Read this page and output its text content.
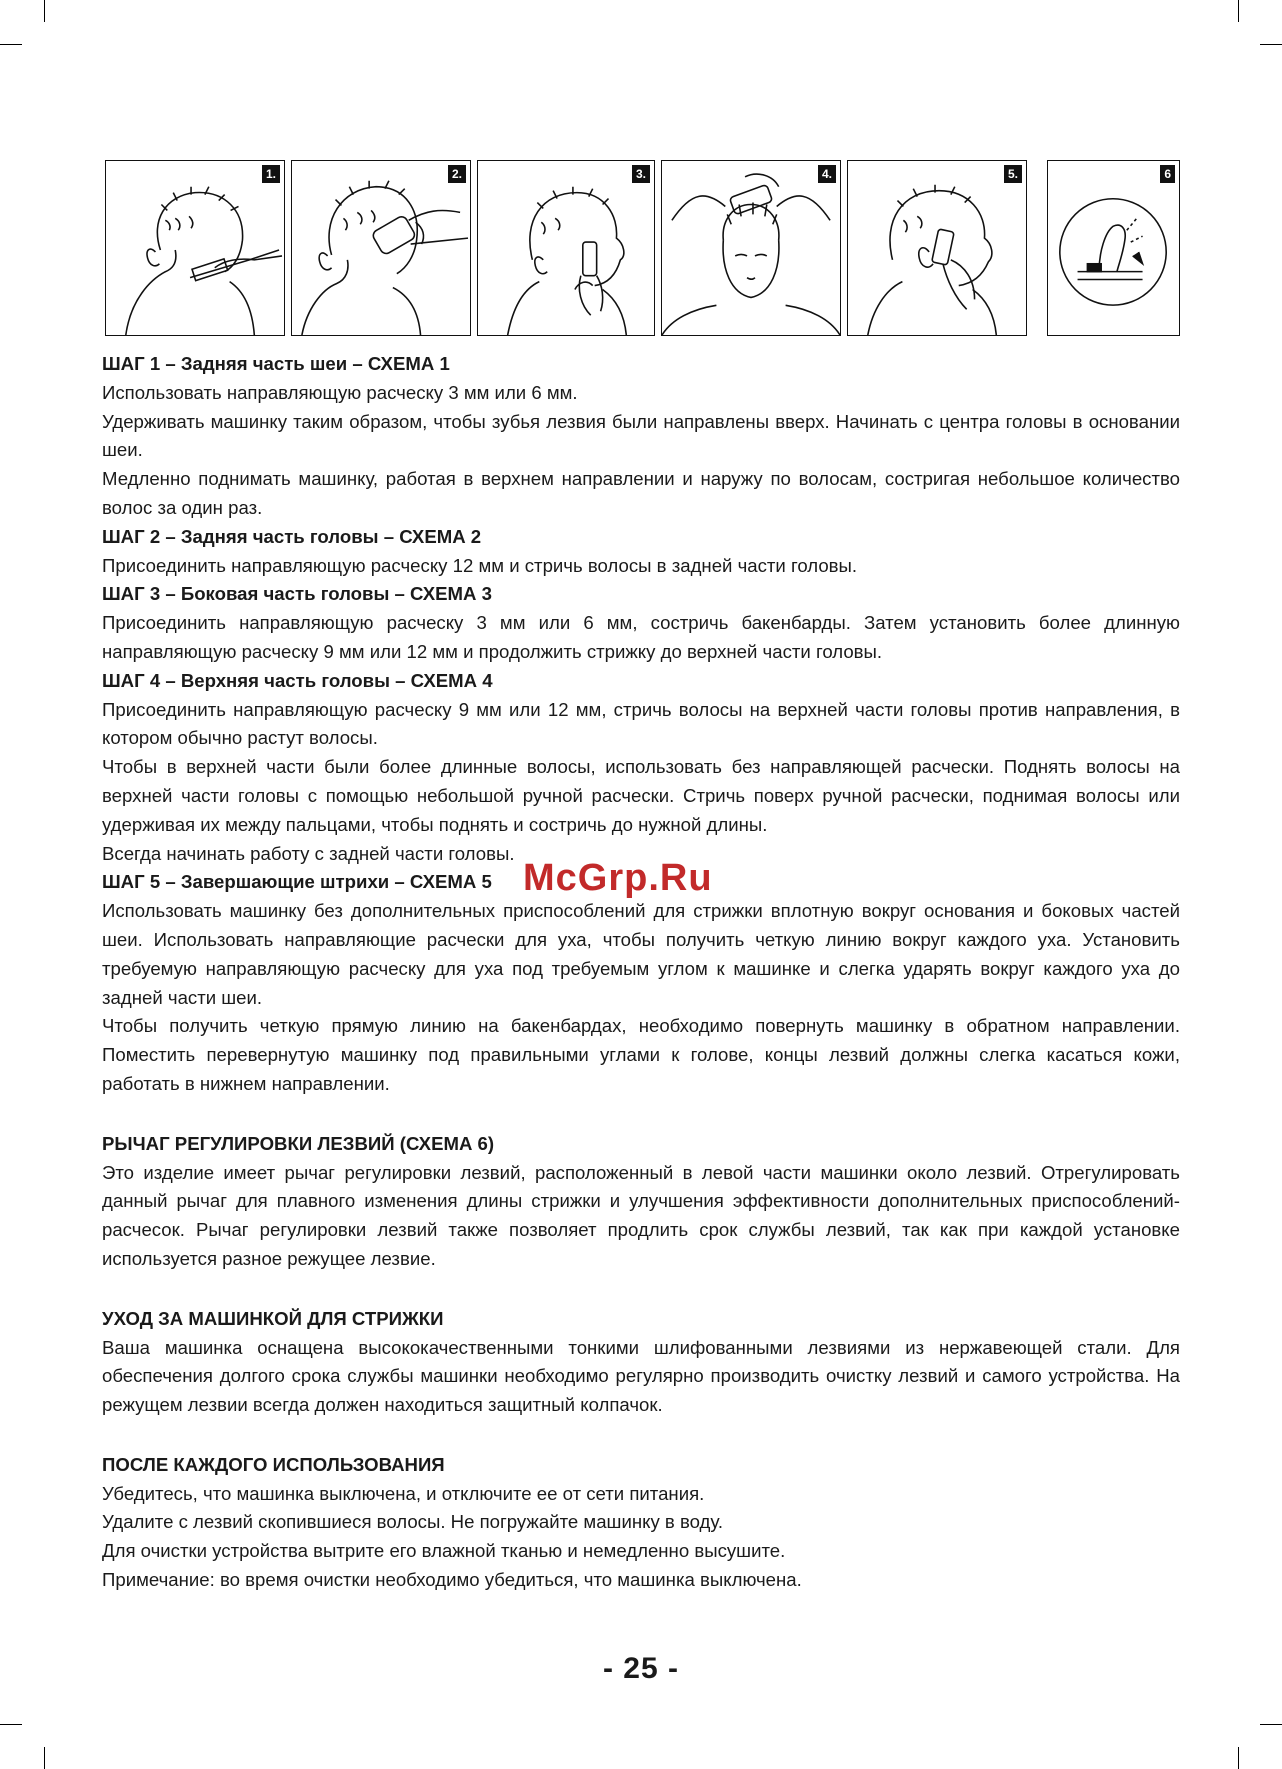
1.	2.	3.	4.	5.	6
ШАГ 1 – Задняя часть шеи – СХЕМА 1

Использовать направляющую расческу 3 мм или 6 мм.

Удерживать машинку таким образом, чтобы зубья лезвия были направлены вверх. Начинать с центра головы в основании шеи.

Медленно поднимать машинку, работая в верхнем направлении и наружу по волосам, состригая небольшое количество волос за один раз.

ШАГ 2 – Задняя часть головы – СХЕМА 2

Присоединить направляющую расческу 12 мм и стричь волосы в задней части головы.

ШАГ 3 – Боковая часть головы – СХЕМА 3

Присоединить направляющую расческу 3 мм или 6 мм, состричь бакенбарды. Затем установить более длинную направляющую расческу 9 мм или 12 мм и продолжить стрижку до верхней части головы.

ШАГ 4 – Верхняя часть головы – СХЕМА 4

Присоединить направляющую расческу 9 мм или 12 мм, стричь волосы на верхней части головы против направления, в котором обычно растут волосы.

Чтобы в верхней части были более длинные волосы, использовать без направляющей расчески. Поднять волосы на верхней части головы с помощью небольшой ручной расчески. Стричь поверх ручной расчески, поднимая волосы или удерживая их между пальцами, чтобы поднять и состричь до нужной длины.

Всегда начинать работу с задней части головы.

ШАГ 5 – Завершающие штрихи – СХЕМА 5

Использовать машинку без дополнительных приспособлений для стрижки вплотную вокруг основания и боковых частей шеи. Использовать направляющие расчески для уха, чтобы получить четкую линию вокруг каждого уха. Установить требуемую направляющую расческу для уха под требуемым углом к машинке и слегка ударять вокруг каждого уха до задней части шеи.

Чтобы получить четкую прямую линию на бакенбардах, необходимо повернуть машинку в обратном направлении. Поместить перевернутую машинку под правильными углами к голове, концы лезвий должны слегка касаться кожи, работать в нижнем направлении.

РЫЧАГ РЕГУЛИРОВКИ ЛЕЗВИЙ (СХЕМА 6)

Это изделие имеет рычаг регулировки лезвий, расположенный в левой части машинки около лезвий. Отрегулировать данный рычаг для плавного изменения длины стрижки и улучшения эффективности дополнительных приспособлений-расчесок. Рычаг регулировки лезвий также позволяет продлить срок службы лезвий, так как при каждой установке используется разное режущее лезвие.

УХОД ЗА МАШИНКОЙ ДЛЯ СТРИЖКИ

Ваша машинка оснащена высококачественными тонкими шлифованными лезвиями из нержавеющей стали. Для обеспечения долгого срока службы машинки необходимо регулярно производить очистку лезвий и самого устройства. На режущем лезвии всегда должен находиться защитный колпачок.

ПОСЛЕ КАЖДОГО ИСПОЛЬЗОВАНИЯ

Убедитесь, что машинка выключена, и отключите ее от сети питания.

Удалите с лезвий скопившиеся волосы. Не погружайте машинку в воду.

Для очистки устройства вытрите его влажной тканью и немедленно высушите.

Примечание: во время очистки необходимо убедиться, что машинка выключена.

McGrp.Ru
- 25 -
